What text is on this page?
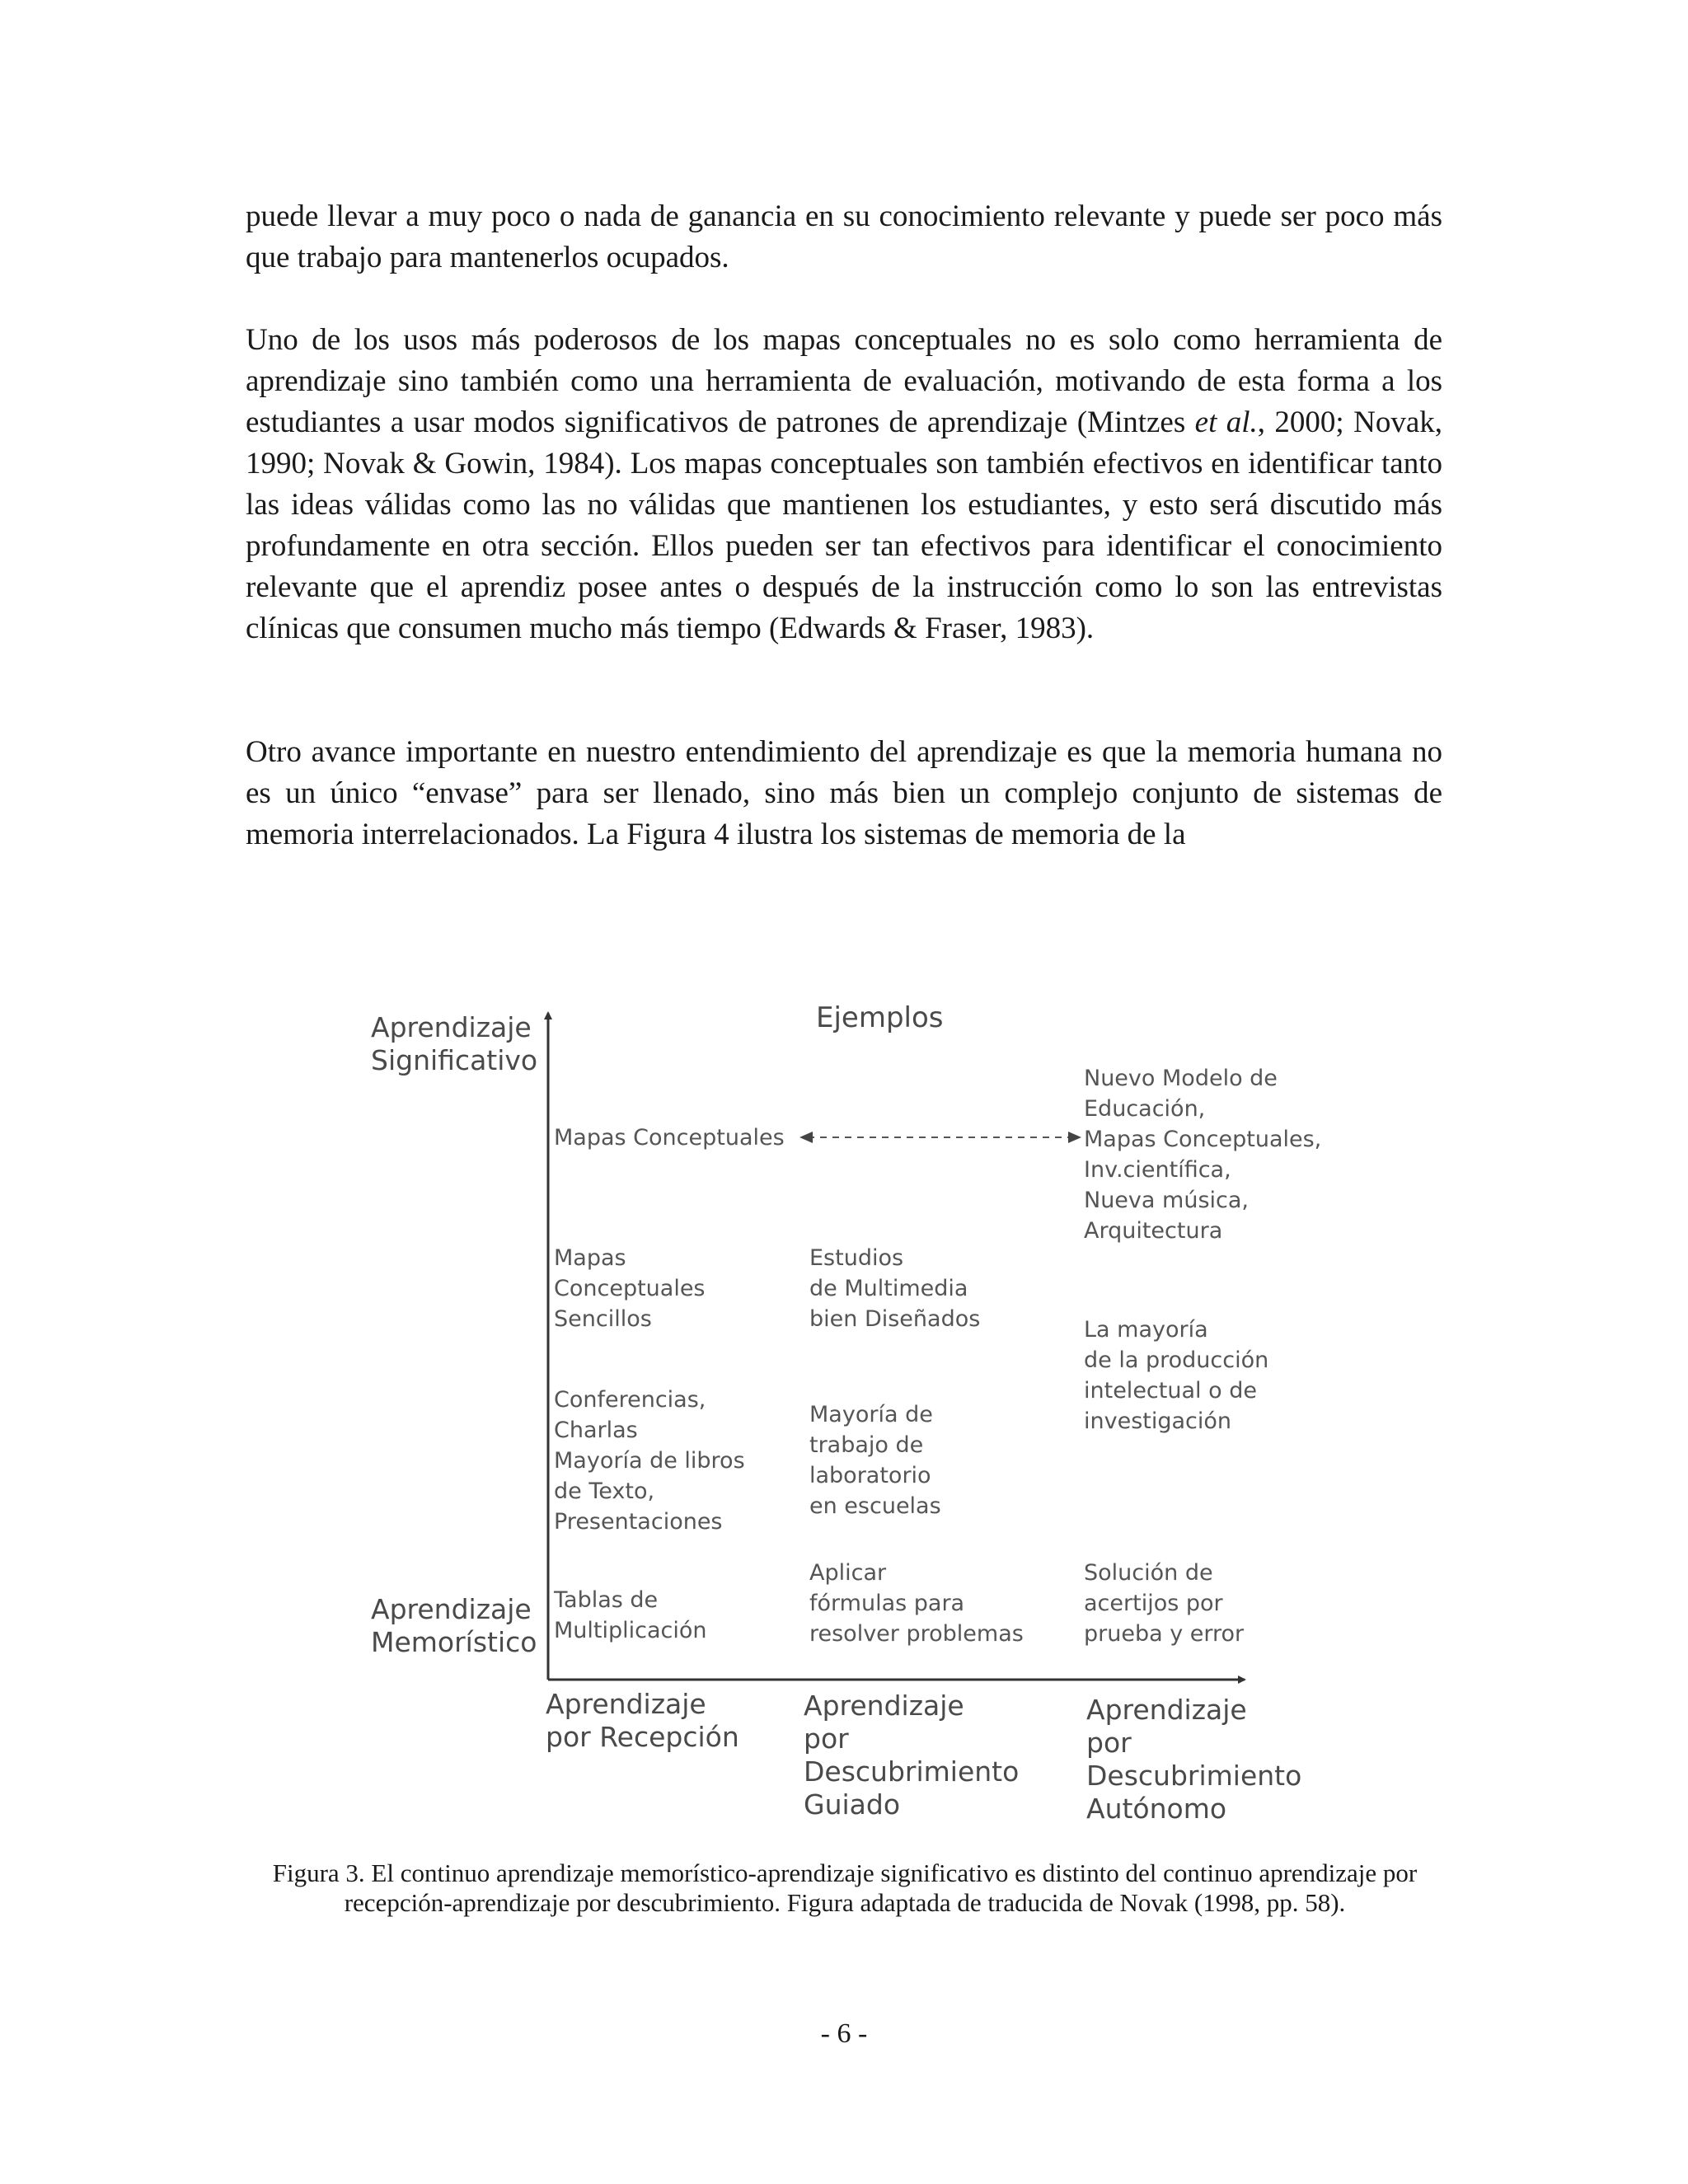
puede llevar a muy poco o nada de ganancia en su conocimiento relevante y puede ser poco más que trabajo para mantenerlos ocupados.

Uno de los usos más poderosos de los mapas conceptuales no es solo como herramienta de aprendizaje sino también como una herramienta de evaluación, motivando de esta forma a los estudiantes a usar modos significativos de patrones de aprendizaje (Mintzes et al., 2000; Novak, 1990; Novak & Gowin, 1984). Los mapas conceptuales son también efectivos en identificar tanto las ideas válidas como las no válidas que mantienen los estudiantes, y esto será discutido más profundamente en otra sección. Ellos pueden ser tan efectivos para identificar el conocimiento relevante que el aprendiz posee antes o después de la instrucción como lo son las entrevistas clínicas que consumen mucho más tiempo (Edwards & Fraser, 1983).

Otro avance importante en nuestro entendimiento del aprendizaje es que la memoria humana no es un único “envase” para ser llenado, sino más bien un complejo conjunto de sistemas de memoria interrelacionados. La Figura 4 ilustra los sistemas de memoria de la

Ejemplos
Aprendizaje
Significativo
Aprendizaje
Memorístico
Aprendizaje
por Recepción
Aprendizaje
por
Descubrimiento
Guiado
Aprendizaje
por
Descubrimiento
Autónomo
Mapas Conceptuales
Nuevo Modelo de
Educación,
Mapas Conceptuales,
Inv.científica,
Nueva música,
Arquitectura
Mapas
Conceptuales
Sencillos
Estudios
de Multimedia
bien Diseñados	La mayoría
de la producción
intelectual o de
investigación
Conferencias,
Charlas
Mayoría de libros
de Texto,
Presentaciones
Mayoría de
trabajo de
laboratorio
en escuelas
Tablas de
Multiplicación
Aplicar
fórmulas para
resolver problemas
Solución de
acertijos por
prueba y error

Figura 3. El continuo aprendizaje memorístico-aprendizaje significativo es distinto del continuo aprendizaje por recepción-aprendizaje por descubrimiento. Figura adaptada de traducida de Novak (1998, pp. 58).

- 6 -
